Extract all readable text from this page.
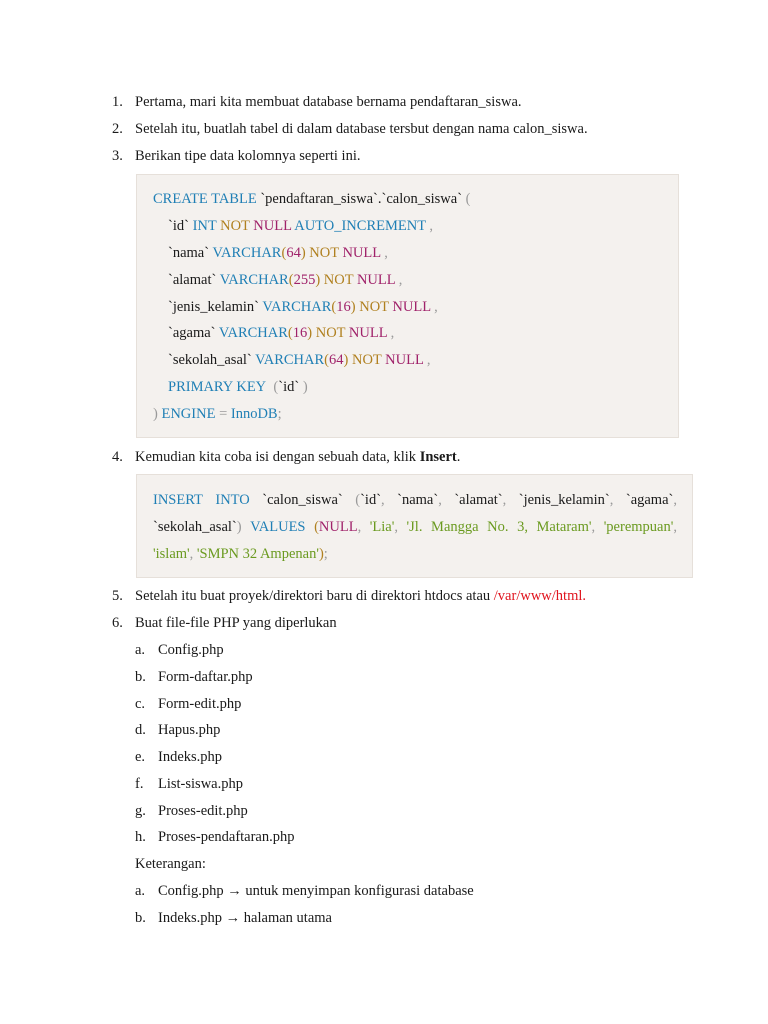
1. Pertama, mari kita membuat database bernama pendaftaran_siswa.
2. Setelah itu, buatlah tabel di dalam database tersbut dengan nama calon_siswa.
3. Berikan tipe data kolomnya seperti ini.
CREATE TABLE `pendaftaran_siswa`.`calon_siswa` (
`id` INT NOT NULL AUTO_INCREMENT ,
`nama` VARCHAR(64) NOT NULL ,
`alamat` VARCHAR(255) NOT NULL ,
`jenis_kelamin` VARCHAR(16) NOT NULL ,
`agama` VARCHAR(16) NOT NULL ,
`sekolah_asal` VARCHAR(64) NOT NULL ,
PRIMARY KEY (`id` )
) ENGINE = InnoDB;
4. Kemudian kita coba isi dengan sebuah data, klik Insert.
INSERT INTO `calon_siswa` (`id`, `nama`, `alamat`, `jenis_kelamin`, `agama`,
`sekolah_asal`) VALUES (NULL, 'Lia', 'Jl. Mangga No. 3, Mataram', 'perempuan',
'islam', 'SMPN 32 Ampenan');
5. Setelah itu buat proyek/direktori baru di direktori htdocs atau /var/www/html.
6. Buat file-file PHP yang diperlukan
a. Config.php
b. Form-daftar.php
c. Form-edit.php
d. Hapus.php
e. Indeks.php
f. List-siswa.php
g. Proses-edit.php
h. Proses-pendaftaran.php
Keterangan:
a. Config.php → untuk menyimpan konfigurasi database
b. Indeks.php → halaman utama
